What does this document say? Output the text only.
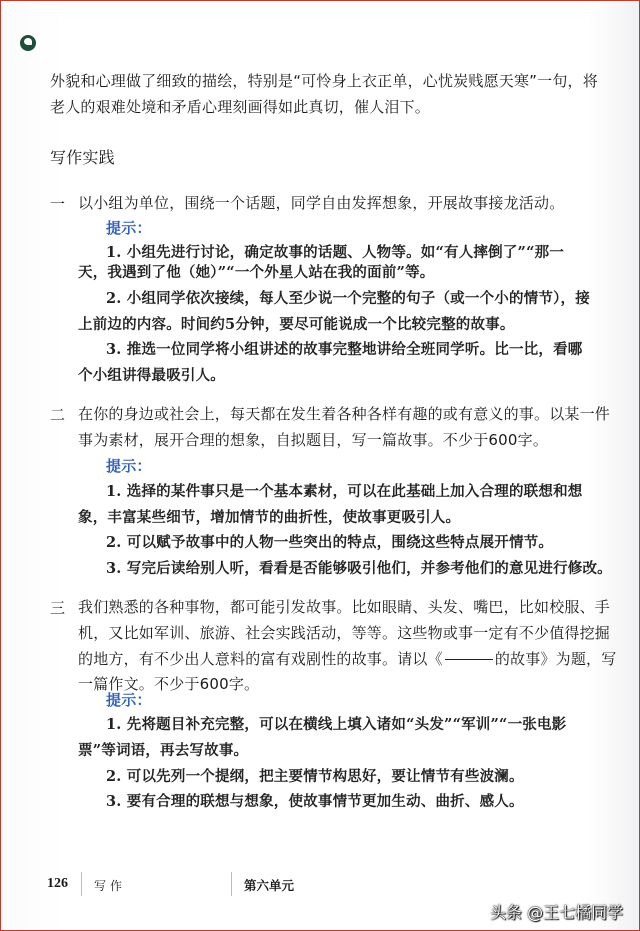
外貌和心理做了细致的描绘，特别是“可怜身上衣正单，心忧炭贱愿天寒”一句，将
老人的艰难处境和矛盾心理刻画得如此真切，催人泪下。
写作实践
一 以小组为单位，围绕一个话题，同学自由发挥想象，开展故事接龙活动。
提示：
1. 小组先进行讨论，确定故事的话题、人物等。如“有人摔倒了”“那一
天，我遇到了他（她）”“一个外星人站在我的面前”等。
2. 小组同学依次接续，每人至少说一个完整的句子（或一个小的情节），接
上前边的内容。时间约5分钟，要尽可能说成一个比较完整的故事。
3. 推选一位同学将小组讲述的故事完整地讲给全班同学听。比一比，看哪
个小组讲得最吸引人。
二 在你的身边或社会上，每天都在发生着各种各样有趣的或有意义的事。以某一件
事为素材，展开合理的想象，自拟题目，写一篇故事。不少于600字。
提示：
1. 选择的某件事只是一个基本素材，可以在此基础上加入合理的联想和想
象，丰富某些细节，增加情节的曲折性，使故事更吸引人。
2. 可以赋予故事中的人物一些突出的特点，围绕这些特点展开情节。
3. 写完后读给别人听，看看是否能够吸引他们，并参考他们的意见进行修改。
三 我们熟悉的各种事物，都可能引发故事。比如眼睛、头发、嘴巴，比如校服、手
机，又比如军训、旅游、社会实践活动，等等。这些物或事一定有不少值得挖掘
的地方，有不少出人意料的富有戏剧性的故事。请以《	的故事》为题，写
一篇作文。不少于600字。
提示：
1. 先将题目补充完整，可以在横线上填入诸如“头发”“军训”“一张电影
票”等词语，再去写故事。
2. 可以先列一个提纲，把主要情节构思好，要让情节有些波澜。
3. 要有合理的联想与想象，使故事情节更加生动、曲折、感人。
126 写作	第六单元
头条 @王七橘同学
